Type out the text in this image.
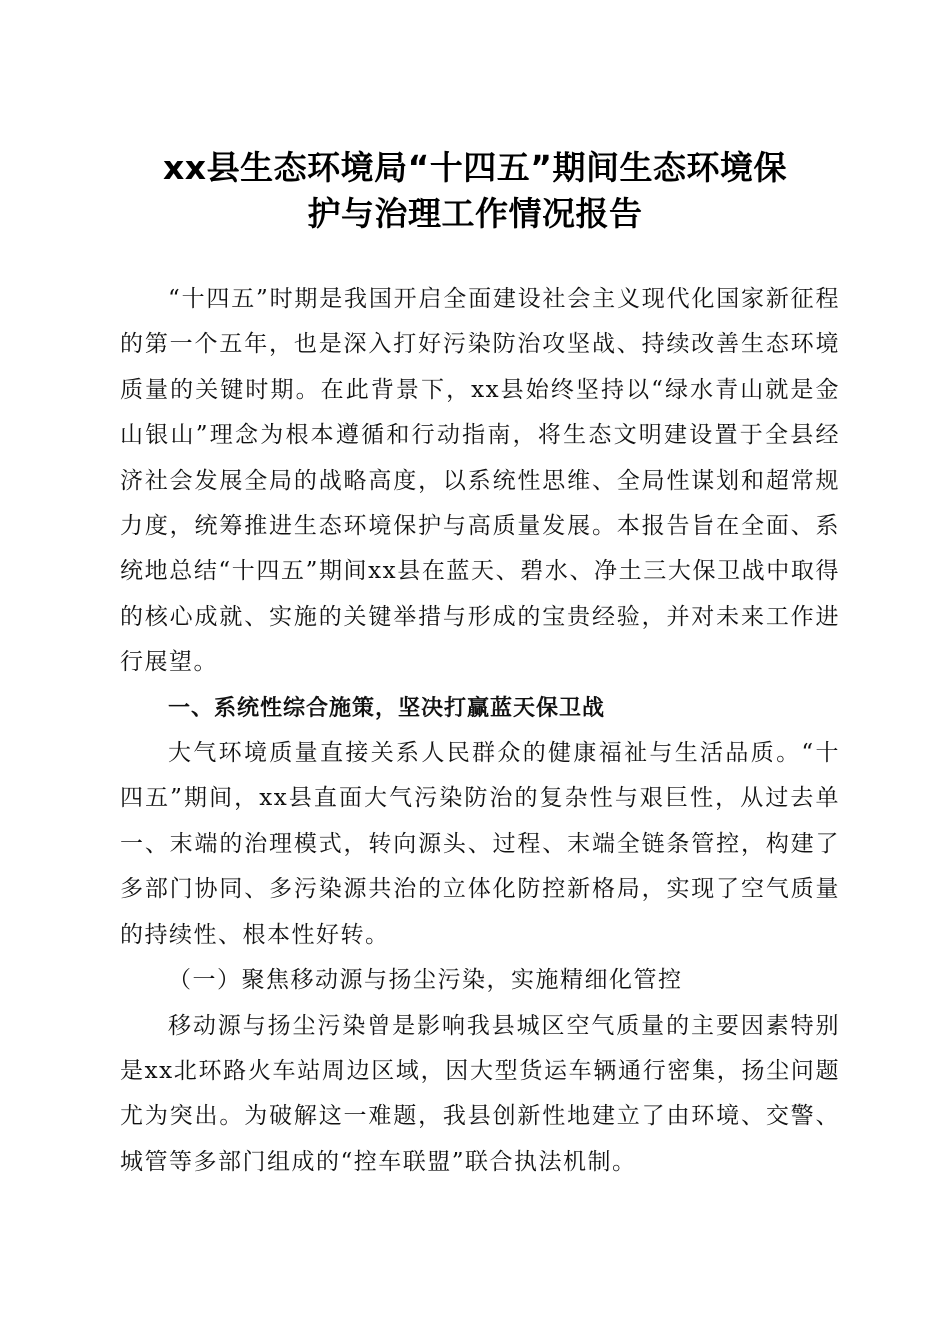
xx县生态环境局“十四五”期间生态环境保
护与治理工作情况报告

“十四五”时期是我国开启全面建设社会主义现代化国家新征程的第一个五年，也是深入打好污染防治攻坚战、持续改善生态环境质量的关键时期。在此背景下，xx县始终坚持以“绿水青山就是金山银山”理念为根本遵循和行动指南，将生态文明建设置于全县经济社会发展全局的战略高度，以系统性思维、全局性谋划和超常规力度，统筹推进生态环境保护与高质量发展。本报告旨在全面、系统地总结“十四五”期间xx县在蓝天、碧水、净土三大保卫战中取得的核心成就、实施的关键举措与形成的宝贵经验，并对未来工作进行展望。

一、系统性综合施策，坚决打赢蓝天保卫战

大气环境质量直接关系人民群众的健康福祉与生活品质。“十四五”期间，xx县直面大气污染防治的复杂性与艰巨性，从过去单一、末端的治理模式，转向源头、过程、末端全链条管控，构建了多部门协同、多污染源共治的立体化防控新格局，实现了空气质量的持续性、根本性好转。

（一）聚焦移动源与扬尘污染，实施精细化管控

移动源与扬尘污染曾是影响我县城区空气质量的主要因素特别是xx北环路火车站周边区域，因大型货运车辆通行密集，扬尘问题尤为突出。为破解这一难题，我县创新性地建立了由环境、交警、城管等多部门组成的“控车联盟”联合执法机制。
